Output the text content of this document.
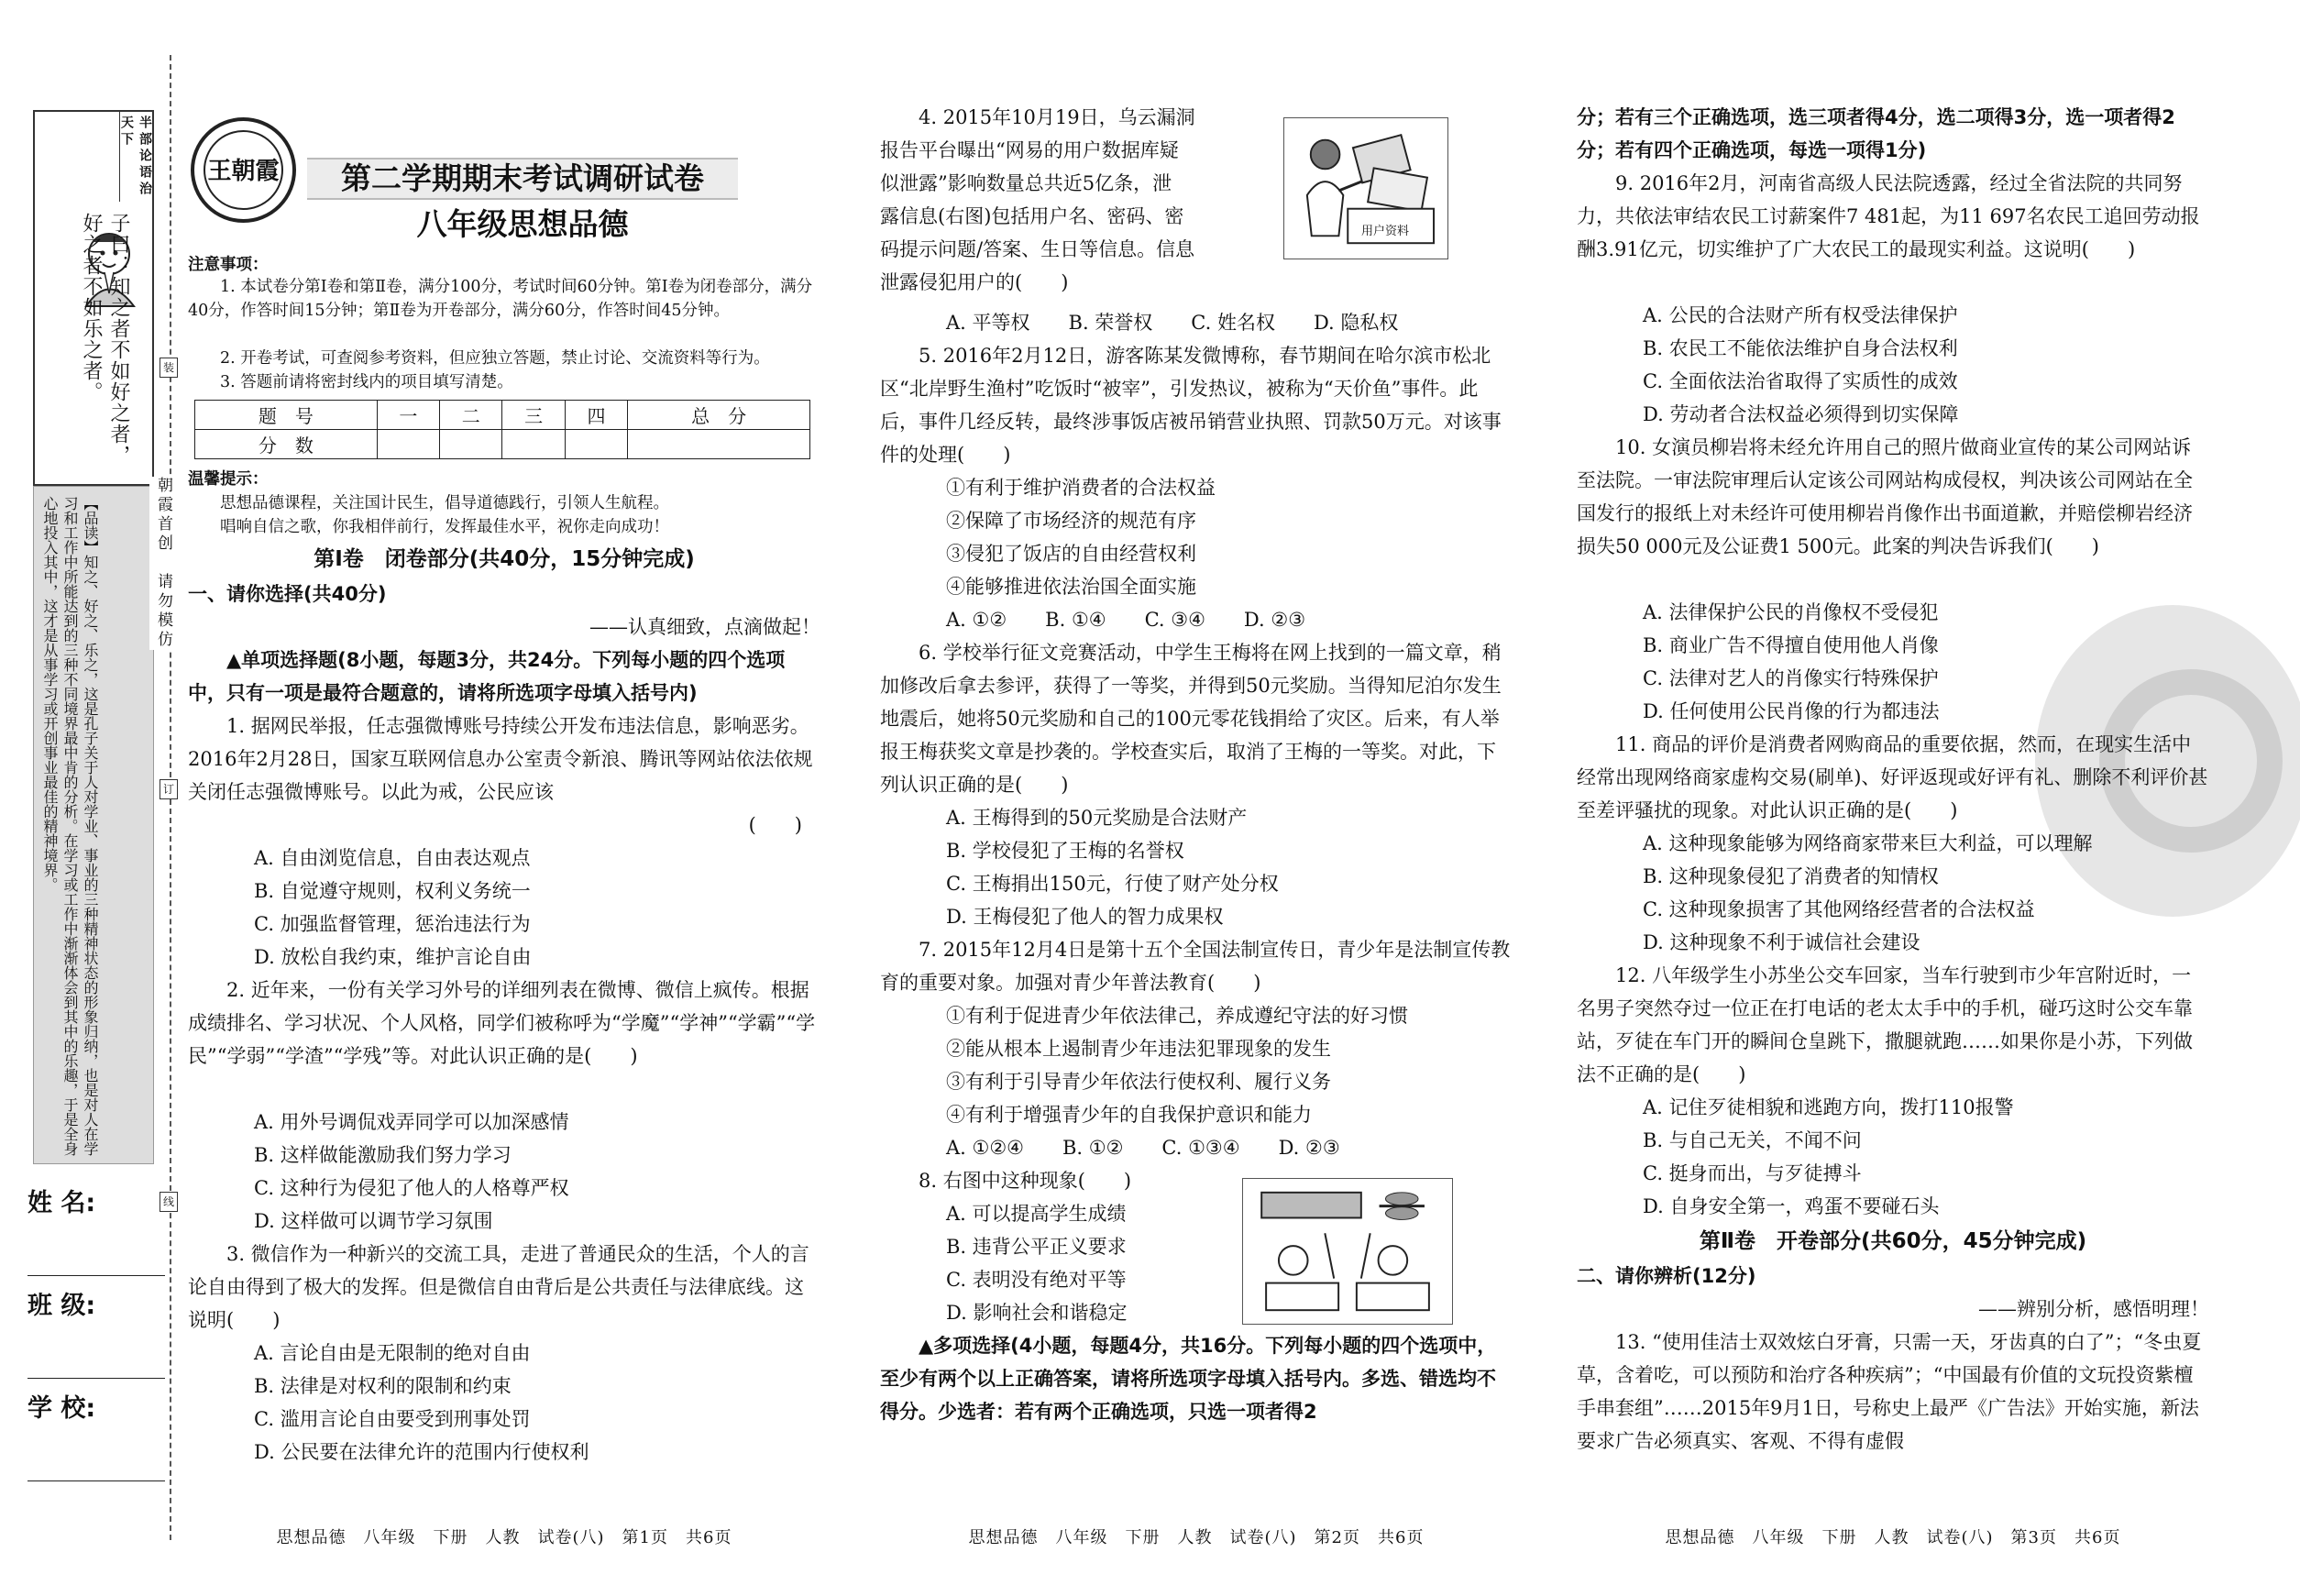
子曰：知之者不如好之者，好之者不如乐之者。
半部论语治天下
【品读】知之、好之、乐之，这是孔子关于人对学业、事业的三种精神状态的形象归纳，也是对人在学习和工作中所能达到的三种不同境界最中肯的分析。在学习或工作中渐渐体会到其中的乐趣，于是全身心地投入其中，这才是从事学习或开创事业最佳的精神境界。
姓 名:
班 级:
学 校:
朝霞首创　请勿模仿
装
订
线
王朝霞	第二学期期末考试调研试卷
八年级思想品德
注意事项：
1. 本试卷分第Ⅰ卷和第Ⅱ卷，满分100分，考试时间60分钟。第Ⅰ卷为闭卷部分，满分40分，作答时间15分钟；第Ⅱ卷为开卷部分，满分60分，作答时间45分钟。
2. 开卷考试，可查阅参考资料，但应独立答题，禁止讨论、交流资料等行为。
3. 答题前请将密封线内的项目填写清楚。
题　号	一	二	三	四	总　分
分　数					
温馨提示：
思想品德课程，关注国计民生，倡导道德践行，引领人生航程。
唱响自信之歌，你我相伴前行，发挥最佳水平，祝你走向成功！
第Ⅰ卷　闭卷部分(共40分，15分钟完成)
一、请你选择(共40分)
——认真细致，点滴做起！
▲单项选择题(8小题，每题3分，共24分。下列每小题的四个选项中，只有一项是最符合题意的，请将所选项字母填入括号内)
1. 据网民举报，任志强微博账号持续公开发布违法信息，影响恶劣。2016年2月28日，国家互联网信息办公室责令新浪、腾讯等网站依法依规关闭任志强微博账号。以此为戒，公民应该
(　　)
A. 自由浏览信息，自由表达观点
B. 自觉遵守规则，权利义务统一
C. 加强监督管理，惩治违法行为
D. 放松自我约束，维护言论自由
2. 近年来，一份有关学习外号的详细列表在微博、微信上疯传。根据成绩排名、学习状况、个人风格，同学们被称呼为“学魔”“学神”“学霸”“学民”“学弱”“学渣”“学残”等。对此认识正确的是(　　)
A. 用外号调侃戏弄同学可以加深感情
B. 这样做能激励我们努力学习
C. 这种行为侵犯了他人的人格尊严权
D. 这样做可以调节学习氛围
3. 微信作为一种新兴的交流工具，走进了普通民众的生活，个人的言论自由得到了极大的发挥。但是微信自由背后是公共责任与法律底线。这说明(　　)
A. 言论自由是无限制的绝对自由
B. 法律是对权利的限制和约束
C. 滥用言论自由要受到刑事处罚
D. 公民要在法律允许的范围内行使权利
思想品德　八年级　下册　人教　试卷(八)　第1页　共6页
4. 2015年10月19日，乌云漏洞
报告平台曝出“网易的用户数据库疑
似泄露”影响数量总共近5亿条，泄
露信息(右图)包括用户名、密码、密
码提示问题/答案、生日等信息。信息
泄露侵犯用户的(　　)
用户资料
A. 平等权　　B. 荣誉权　　C. 姓名权　　D. 隐私权
5. 2016年2月12日，游客陈某发微博称，春节期间在哈尔滨市松北区“北岸野生渔村”吃饭时“被宰”，引发热议，被称为“天价鱼”事件。此后，事件几经反转，最终涉事饭店被吊销营业执照、罚款50万元。对该事件的处理(　　)
①有利于维护消费者的合法权益
②保障了市场经济的规范有序
③侵犯了饭店的自由经营权利
④能够推进依法治国全面实施
A. ①②　　B. ①④　　C. ③④　　D. ②③
6. 学校举行征文竞赛活动，中学生王梅将在网上找到的一篇文章，稍加修改后拿去参评，获得了一等奖，并得到50元奖励。当得知尼泊尔发生地震后，她将50元奖励和自己的100元零花钱捐给了灾区。后来，有人举报王梅获奖文章是抄袭的。学校查实后，取消了王梅的一等奖。对此，下列认识正确的是(　　)
A. 王梅得到的50元奖励是合法财产
B. 学校侵犯了王梅的名誉权
C. 王梅捐出150元，行使了财产处分权
D. 王梅侵犯了他人的智力成果权
7. 2015年12月4日是第十五个全国法制宣传日，青少年是法制宣传教育的重要对象。加强对青少年普法教育(　　)
①有利于促进青少年依法律己，养成遵纪守法的好习惯
②能从根本上遏制青少年违法犯罪现象的发生
③有利于引导青少年依法行使权利、履行义务
④有利于增强青少年的自我保护意识和能力
A. ①②④　　B. ①②　　C. ①③④　　D. ②③
8. 右图中这种现象(　　)
A. 可以提高学生成绩
B. 违背公平正义要求
C. 表明没有绝对平等
D. 影响社会和谐稳定
▲多项选择(4小题，每题4分，共16分。下列每小题的四个选项中，至少有两个以上正确答案，请将所选项字母填入括号内。多选、错选均不得分。少选者：若有两个正确选项，只选一项者得2
思想品德　八年级　下册　人教　试卷(八)　第2页　共6页
分；若有三个正确选项，选三项者得4分，选二项得3分，选一项者得2分；若有四个正确选项，每选一项得1分)
9. 2016年2月，河南省高级人民法院透露，经过全省法院的共同努力，共依法审结农民工讨薪案件7 481起，为11 697名农民工追回劳动报酬3.91亿元，切实维护了广大农民工的最现实利益。这说明(　　)
A. 公民的合法财产所有权受法律保护
B. 农民工不能依法维护自身合法权利
C. 全面依法治省取得了实质性的成效
D. 劳动者合法权益必须得到切实保障
10. 女演员柳岩将未经允许用自己的照片做商业宣传的某公司网站诉至法院。一审法院审理后认定该公司网站构成侵权，判决该公司网站在全国发行的报纸上对未经许可使用柳岩肖像作出书面道歉，并赔偿柳岩经济损失50 000元及公证费1 500元。此案的判决告诉我们(　　)
A. 法律保护公民的肖像权不受侵犯
B. 商业广告不得擅自使用他人肖像
C. 法律对艺人的肖像实行特殊保护
D. 任何使用公民肖像的行为都违法
11. 商品的评价是消费者网购商品的重要依据，然而，在现实生活中经常出现网络商家虚构交易(刷单)、好评返现或好评有礼、删除不利评价甚至差评骚扰的现象。对此认识正确的是(　　)
A. 这种现象能够为网络商家带来巨大利益，可以理解
B. 这种现象侵犯了消费者的知情权
C. 这种现象损害了其他网络经营者的合法权益
D. 这种现象不利于诚信社会建设
12. 八年级学生小苏坐公交车回家，当车行驶到市少年宫附近时，一名男子突然夺过一位正在打电话的老太太手中的手机，碰巧这时公交车靠站，歹徒在车门开的瞬间仓皇跳下，撒腿就跑……如果你是小苏，下列做法不正确的是(　　)
A. 记住歹徒相貌和逃跑方向，拨打110报警
B. 与自己无关，不闻不问
C. 挺身而出，与歹徒搏斗
D. 自身安全第一，鸡蛋不要碰石头
第Ⅱ卷　开卷部分(共60分，45分钟完成)
二、请你辨析(12分)
——辨别分析，感悟明理！
13. “使用佳洁士双效炫白牙膏，只需一天，牙齿真的白了”；“冬虫夏草，含着吃，可以预防和治疗各种疾病”；“中国最有价值的文玩投资紫檀手串套组”……2015年9月1日，号称史上最严《广告法》开始实施，新法要求广告必须真实、客观、不得有虚假
思想品德　八年级　下册　人教　试卷(八)　第3页　共6页
